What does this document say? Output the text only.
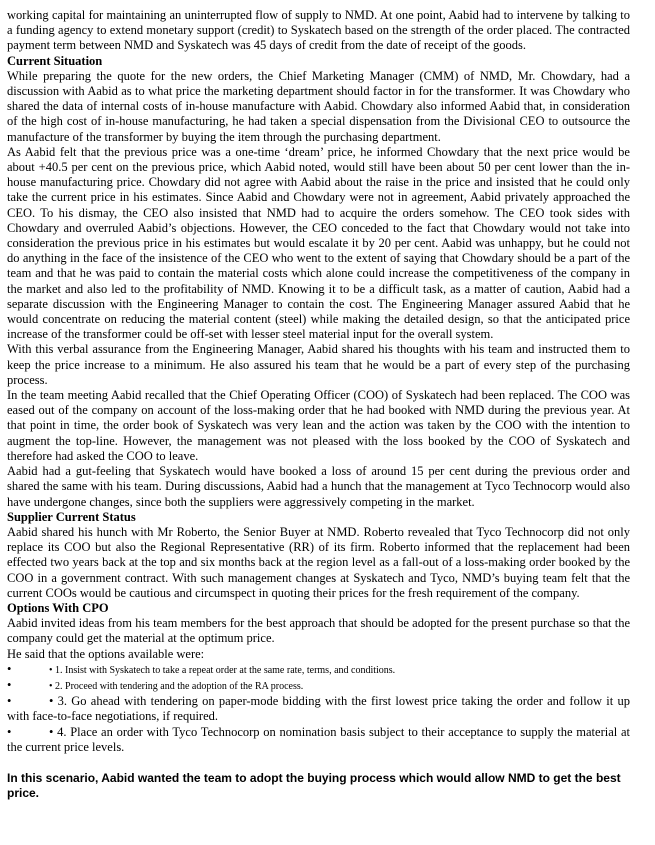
working capital for maintaining an uninterrupted flow of supply to NMD. At one point, Aabid had to intervene by talking to a funding agency to extend monetary support (credit) to Syskatech based on the strength of the order placed. The contracted payment term between NMD and Syskatech was 45 days of credit from the date of receipt of the goods.

Current Situation

While preparing the quote for the new orders, the Chief Marketing Manager (CMM) of NMD, Mr. Chowdary, had a discussion with Aabid as to what price the marketing department should factor in for the transformer. It was Chowdary who shared the data of internal costs of in-house manufacture with Aabid. Chowdary also informed Aabid that, in consideration of the high cost of in-house manufacturing, he had taken a special dispensation from the Divisional CEO to outsource the manufacture of the transformer by buying the item through the purchasing department.

As Aabid felt that the previous price was a one-time ‘dream’ price, he informed Chowdary that the next price would be about +40.5 per cent on the previous price, which Aabid noted, would still have been about 50 per cent lower than the in-house manufacturing price. Chowdary did not agree with Aabid about the raise in the price and insisted that he could only take the current price in his estimates. Since Aabid and Chowdary were not in agreement, Aabid privately approached the CEO. To his dismay, the CEO also insisted that NMD had to acquire the orders somehow. The CEO took sides with Chowdary and overruled Aabid’s objections. However, the CEO conceded to the fact that Chowdary would not take into consideration the previous price in his estimates but would escalate it by 20 per cent. Aabid was unhappy, but he could not do anything in the face of the insistence of the CEO who went to the extent of saying that Chowdary should be a part of the team and that he was paid to contain the material costs which alone could increase the competitiveness of the company in the market and also led to the profitability of NMD. Knowing it to be a difficult task, as a matter of caution, Aabid had a separate discussion with the Engineering Manager to contain the cost. The Engineering Manager assured Aabid that he would concentrate on reducing the material content (steel) while making the detailed design, so that the anticipated price increase of the transformer could be off-set with lesser steel material input for the overall system.

With this verbal assurance from the Engineering Manager, Aabid shared his thoughts with his team and instructed them to keep the price increase to a minimum. He also assured his team that he would be a part of every step of the purchasing process.

In the team meeting Aabid recalled that the Chief Operating Officer (COO) of Syskatech had been replaced. The COO was eased out of the company on account of the loss-making order that he had booked with NMD during the previous year. At that point in time, the order book of Syskatech was very lean and the action was taken by the COO with the intention to augment the top-line. However, the management was not pleased with the loss booked by the COO of Syskatech and therefore had asked the COO to leave.

Aabid had a gut-feeling that Syskatech would have booked a loss of around 15 per cent during the previous order and shared the same with his team. During discussions, Aabid had a hunch that the management at Tyco Technocorp would also have undergone changes, since both the suppliers were aggressively competing in the market.

Supplier Current Status

Aabid shared his hunch with Mr Roberto, the Senior Buyer at NMD. Roberto revealed that Tyco Technocorp did not only replace its COO but also the Regional Representative (RR) of its firm. Roberto informed that the replacement had been effected two years back at the top and six months back at the region level as a fall-out of a loss-making order booked by the COO in a government contract. With such management changes at Syskatech and Tyco, NMD’s buying team felt that the current COOs would be cautious and circumspect in quoting their prices for the fresh requirement of the company.

Options With CPO

Aabid invited ideas from his team members for the best approach that should be adopted for the present purchase so that the company could get the material at the optimum price.

He said that the options available were:

•	• 1. Insist with Syskatech to take a repeat order at the same rate, terms, and conditions.

•	• 2. Proceed with tendering and the adoption of the RA process.

•	• 3. Go ahead with tendering on paper-mode bidding with the first lowest price taking the order and follow it up with face-to-face negotiations, if required.

•	• 4. Place an order with Tyco Technocorp on nomination basis subject to their acceptance to supply the material at the current price levels.

In this scenario, Aabid wanted the team to adopt the buying process which would allow NMD to get the best price.
